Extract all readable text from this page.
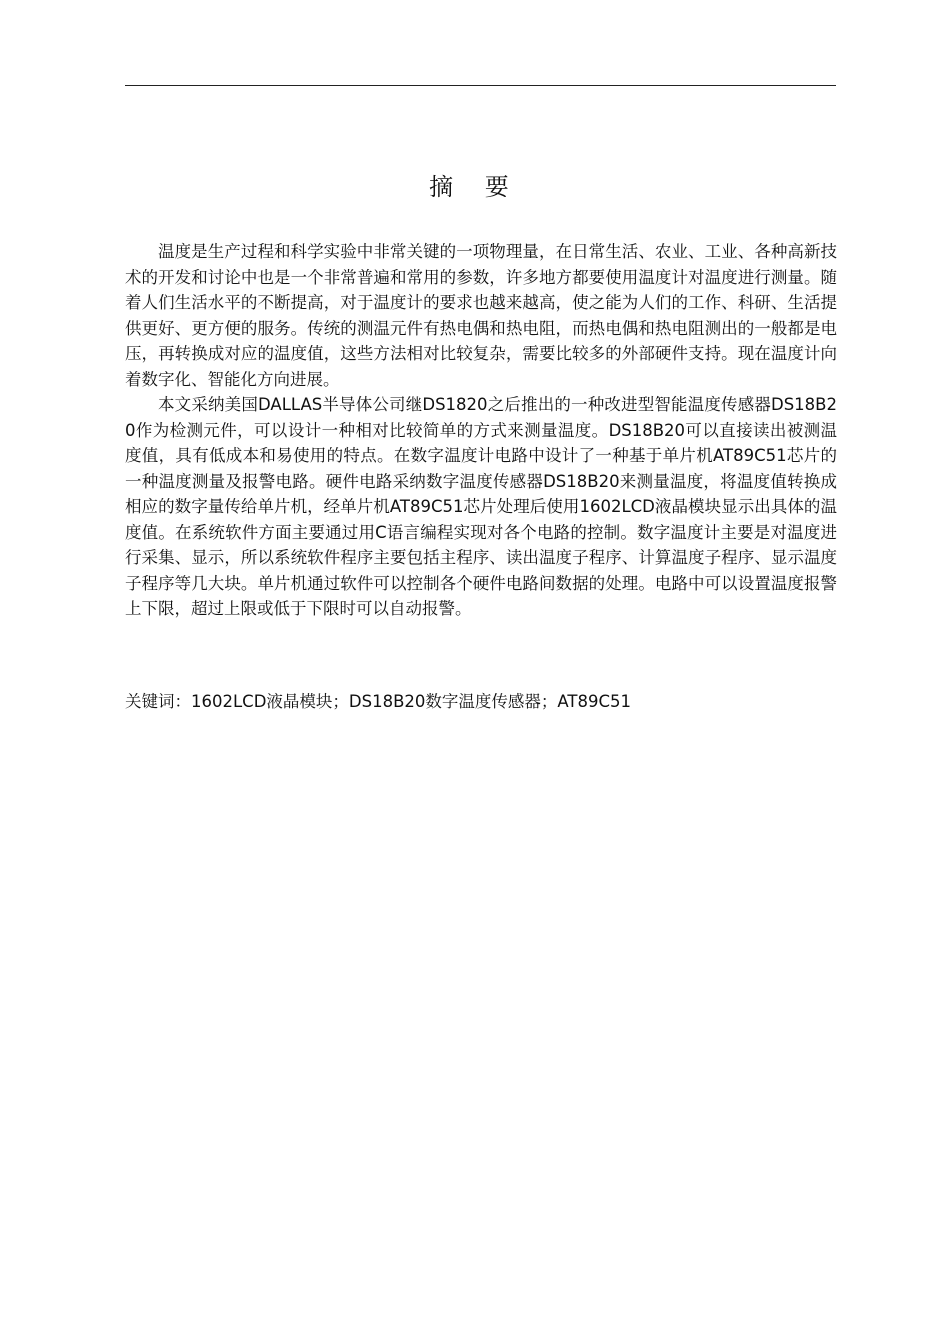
摘 要

温度是生产过程和科学实验中非常关键的一项物理量，在日常生活、农业、工业、各种高新技术的开发和讨论中也是一个非常普遍和常用的参数，许多地方都要使用温度计对温度进行测量。随着人们生活水平的不断提高，对于温度计的要求也越来越高，使之能为人们的工作、科研、生活提供更好、更方便的服务。传统的测温元件有热电偶和热电阻，而热电偶和热电阻测出的一般都是电压，再转换成对应的温度值，这些方法相对比较复杂，需要比较多的外部硬件支持。现在温度计向着数字化、智能化方向进展。

本文采纳美国DALLAS半导体公司继DS1820之后推出的一种改进型智能温度传感器DS18B20作为检测元件，可以设计一种相对比较简单的方式来测量温度。DS18B20可以直接读出被测温度值，具有低成本和易使用的特点。在数字温度计电路中设计了一种基于单片机AT89C51芯片的一种温度测量及报警电路。硬件电路采纳数字温度传感器DS18B20来测量温度，将温度值转换成相应的数字量传给单片机，经单片机AT89C51芯片处理后使用1602LCD液晶模块显示出具体的温度值。在系统软件方面主要通过用C语言编程实现对各个电路的控制。数字温度计主要是对温度进行采集、显示，所以系统软件程序主要包括主程序、读出温度子程序、计算温度子程序、显示温度子程序等几大块。单片机通过软件可以控制各个硬件电路间数据的处理。电路中可以设置温度报警上下限，超过上限或低于下限时可以自动报警。

关键词：1602LCD液晶模块；DS18B20数字温度传感器；AT89C51
